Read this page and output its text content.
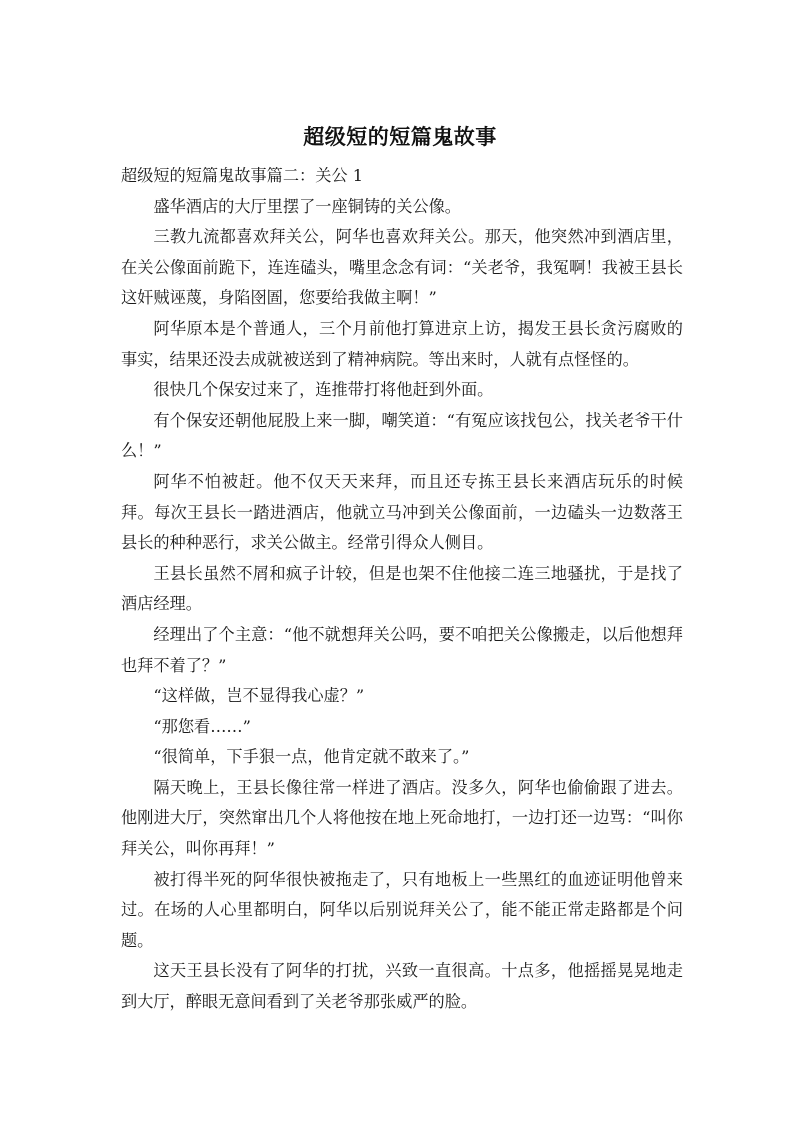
超级短的短篇鬼故事

超级短的短篇鬼故事篇二：关公 1

盛华酒店的大厅里摆了一座铜铸的关公像。

三教九流都喜欢拜关公，阿华也喜欢拜关公。那天，他突然冲到酒店里，在关公像面前跪下，连连磕头，嘴里念念有词：“关老爷，我冤啊！我被王县长这奸贼诬蔑，身陷囹圄，您要给我做主啊！”

阿华原本是个普通人，三个月前他打算进京上访，揭发王县长贪污腐败的事实，结果还没去成就被送到了精神病院。等出来时，人就有点怪怪的。

很快几个保安过来了，连推带打将他赶到外面。

有个保安还朝他屁股上来一脚，嘲笑道：“有冤应该找包公，找关老爷干什么！”

阿华不怕被赶。他不仅天天来拜，而且还专拣王县长来酒店玩乐的时候拜。每次王县长一踏进酒店，他就立马冲到关公像面前，一边磕头一边数落王县长的种种恶行，求关公做主。经常引得众人侧目。

王县长虽然不屑和疯子计较，但是也架不住他接二连三地骚扰，于是找了酒店经理。

经理出了个主意：“他不就想拜关公吗，要不咱把关公像搬走，以后他想拜也拜不着了？”

“这样做，岂不显得我心虚？”

“那您看……”

“很简单，下手狠一点，他肯定就不敢来了。”

隔天晚上，王县长像往常一样进了酒店。没多久，阿华也偷偷跟了进去。他刚进大厅，突然窜出几个人将他按在地上死命地打，一边打还一边骂：“叫你拜关公，叫你再拜！”

被打得半死的阿华很快被拖走了，只有地板上一些黑红的血迹证明他曾来过。在场的人心里都明白，阿华以后别说拜关公了，能不能正常走路都是个问题。

这天王县长没有了阿华的打扰，兴致一直很高。十点多，他摇摇晃晃地走到大厅，醉眼无意间看到了关老爷那张威严的脸。
